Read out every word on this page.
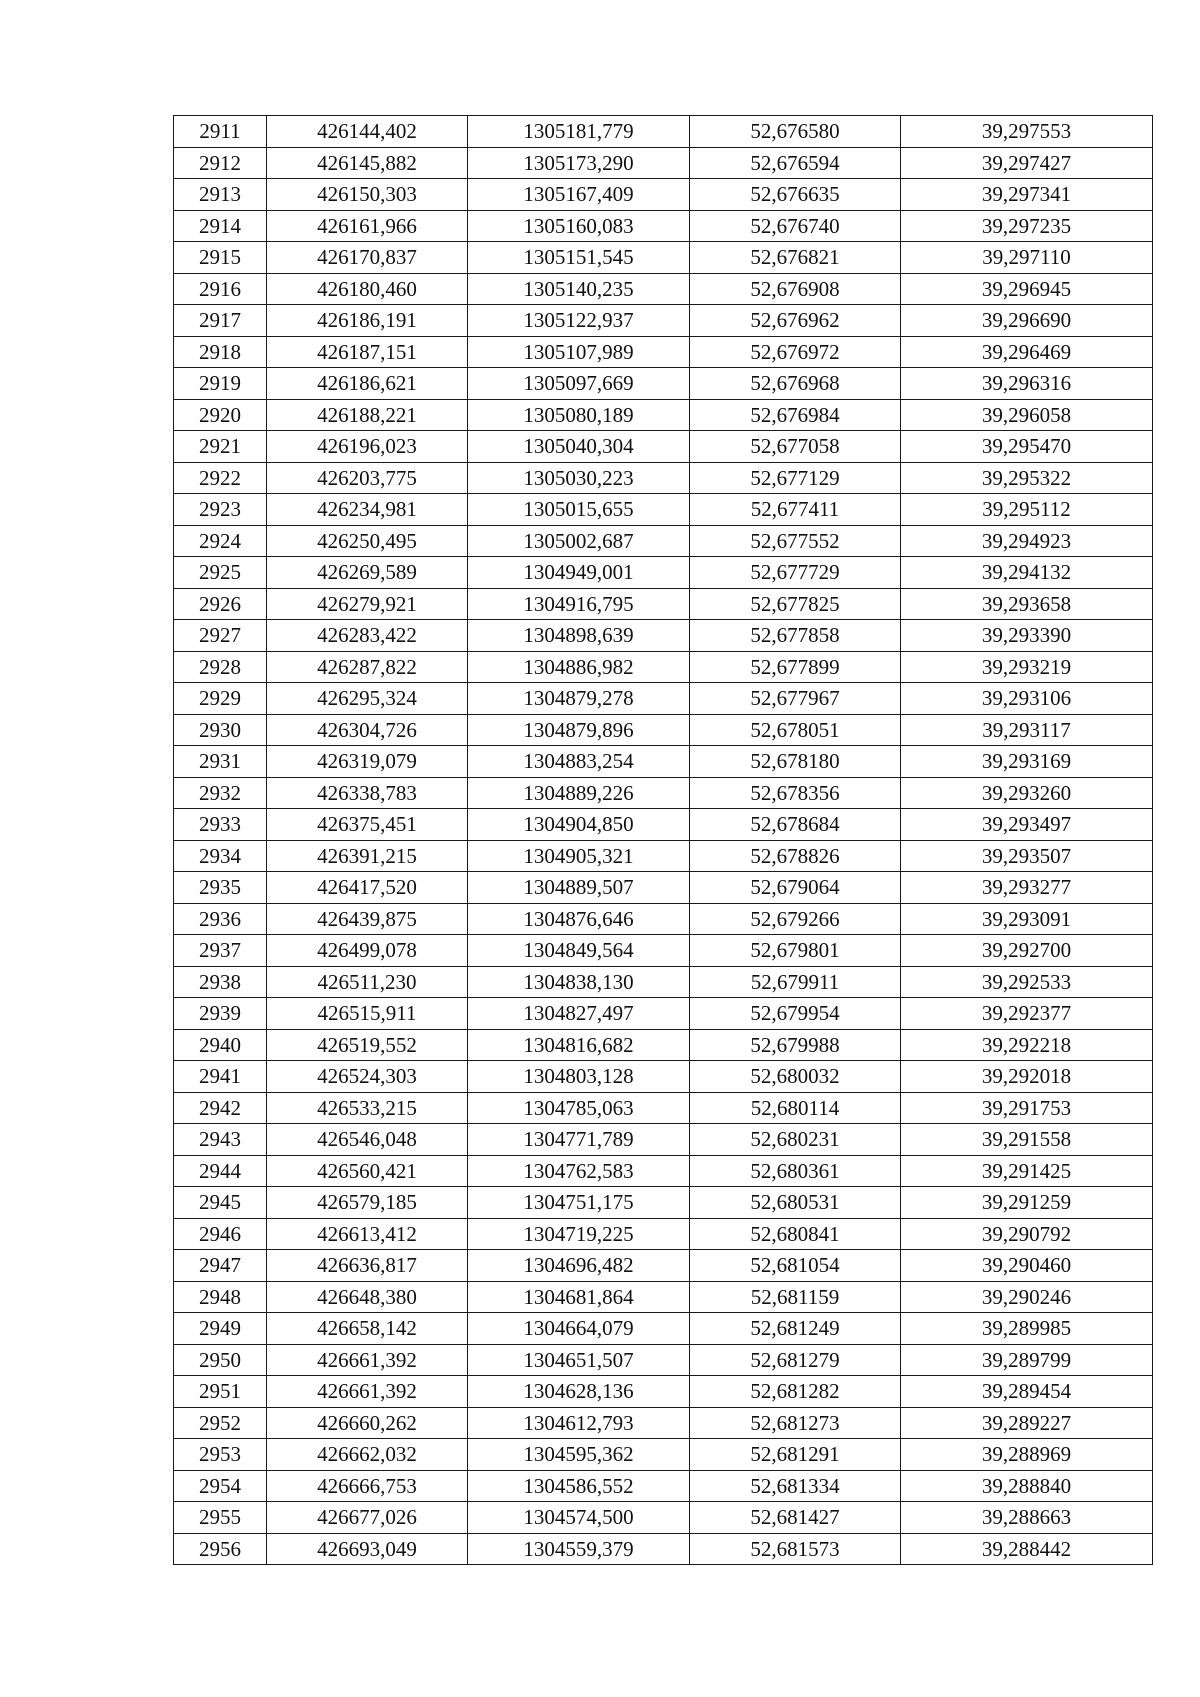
2911	426144,402	1305181,779	52,676580	39,297553
2912	426145,882	1305173,290	52,676594	39,297427
2913	426150,303	1305167,409	52,676635	39,297341
2914	426161,966	1305160,083	52,676740	39,297235
2915	426170,837	1305151,545	52,676821	39,297110
2916	426180,460	1305140,235	52,676908	39,296945
2917	426186,191	1305122,937	52,676962	39,296690
2918	426187,151	1305107,989	52,676972	39,296469
2919	426186,621	1305097,669	52,676968	39,296316
2920	426188,221	1305080,189	52,676984	39,296058
2921	426196,023	1305040,304	52,677058	39,295470
2922	426203,775	1305030,223	52,677129	39,295322
2923	426234,981	1305015,655	52,677411	39,295112
2924	426250,495	1305002,687	52,677552	39,294923
2925	426269,589	1304949,001	52,677729	39,294132
2926	426279,921	1304916,795	52,677825	39,293658
2927	426283,422	1304898,639	52,677858	39,293390
2928	426287,822	1304886,982	52,677899	39,293219
2929	426295,324	1304879,278	52,677967	39,293106
2930	426304,726	1304879,896	52,678051	39,293117
2931	426319,079	1304883,254	52,678180	39,293169
2932	426338,783	1304889,226	52,678356	39,293260
2933	426375,451	1304904,850	52,678684	39,293497
2934	426391,215	1304905,321	52,678826	39,293507
2935	426417,520	1304889,507	52,679064	39,293277
2936	426439,875	1304876,646	52,679266	39,293091
2937	426499,078	1304849,564	52,679801	39,292700
2938	426511,230	1304838,130	52,679911	39,292533
2939	426515,911	1304827,497	52,679954	39,292377
2940	426519,552	1304816,682	52,679988	39,292218
2941	426524,303	1304803,128	52,680032	39,292018
2942	426533,215	1304785,063	52,680114	39,291753
2943	426546,048	1304771,789	52,680231	39,291558
2944	426560,421	1304762,583	52,680361	39,291425
2945	426579,185	1304751,175	52,680531	39,291259
2946	426613,412	1304719,225	52,680841	39,290792
2947	426636,817	1304696,482	52,681054	39,290460
2948	426648,380	1304681,864	52,681159	39,290246
2949	426658,142	1304664,079	52,681249	39,289985
2950	426661,392	1304651,507	52,681279	39,289799
2951	426661,392	1304628,136	52,681282	39,289454
2952	426660,262	1304612,793	52,681273	39,289227
2953	426662,032	1304595,362	52,681291	39,288969
2954	426666,753	1304586,552	52,681334	39,288840
2955	426677,026	1304574,500	52,681427	39,288663
2956	426693,049	1304559,379	52,681573	39,288442
